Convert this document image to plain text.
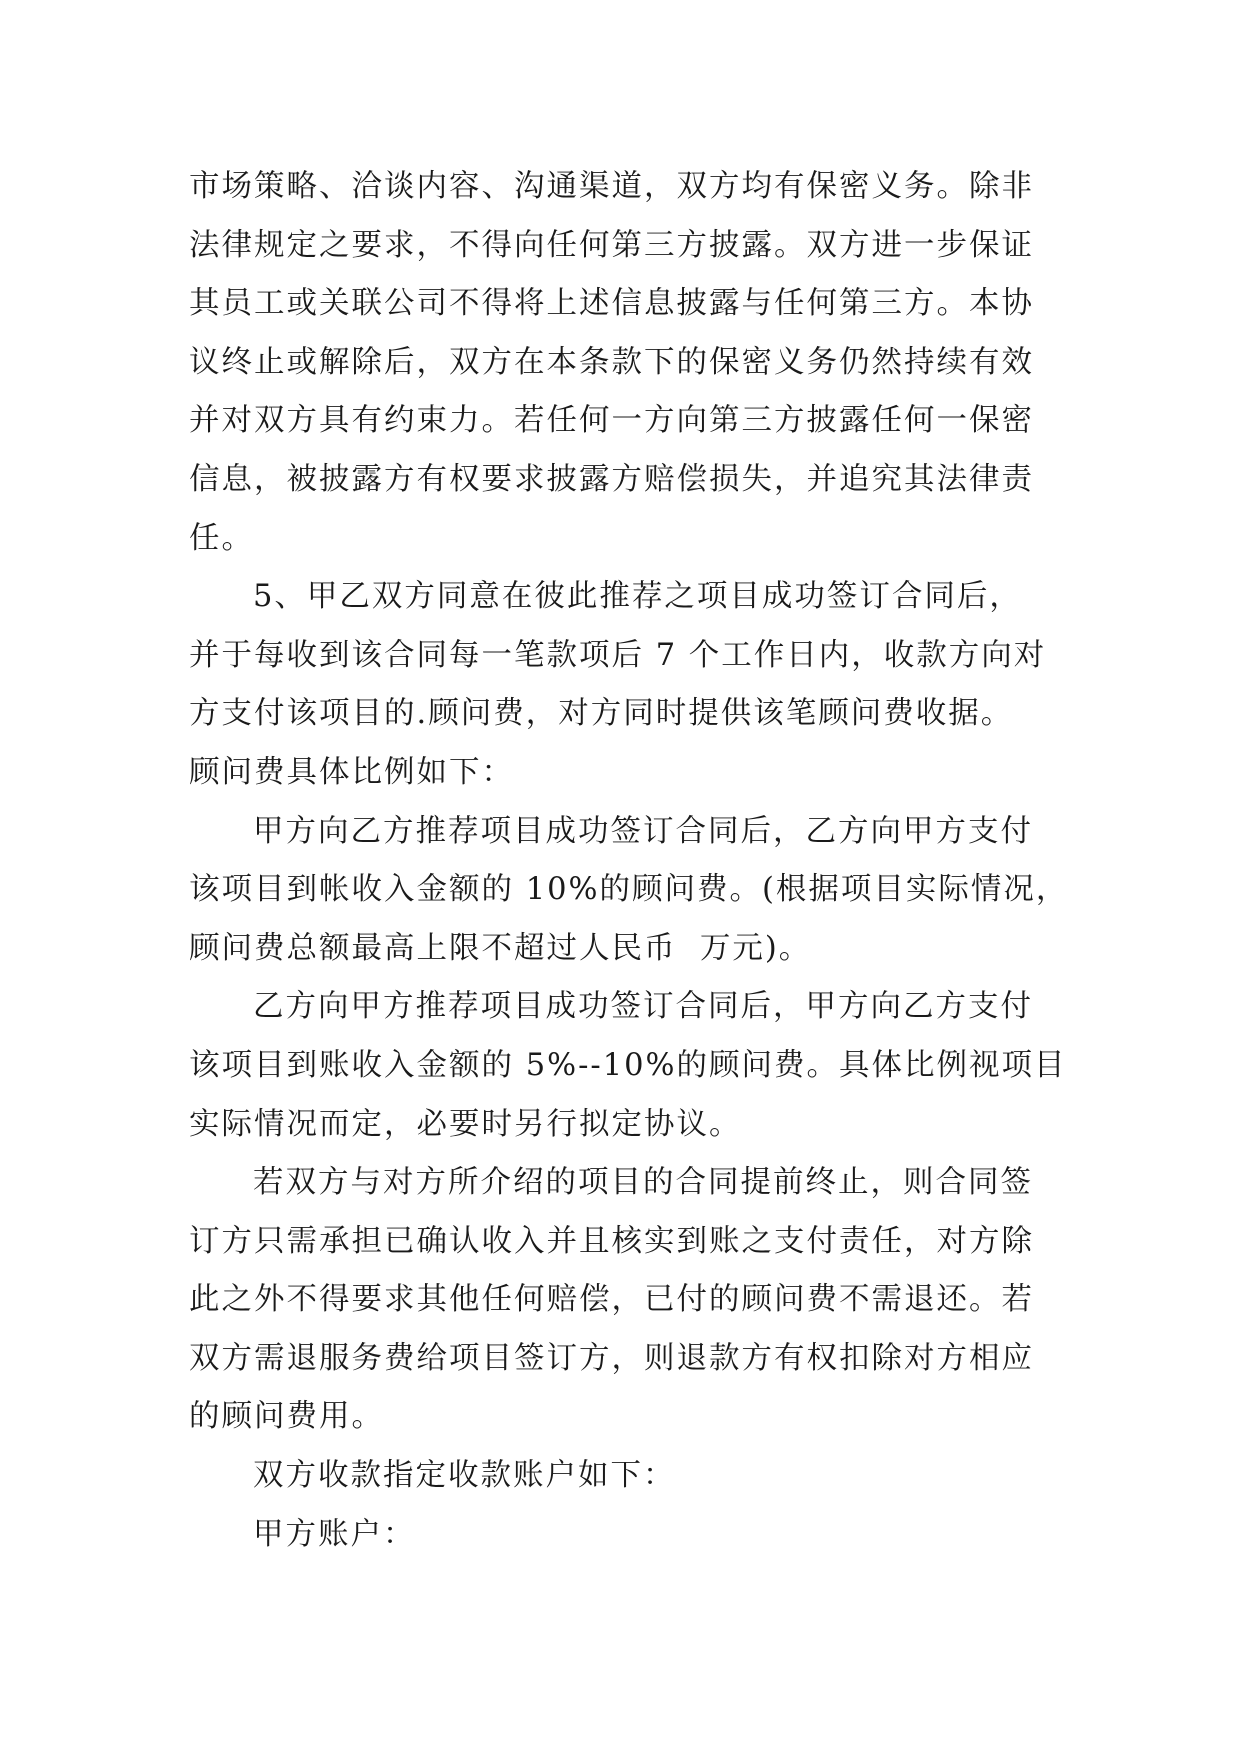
市场策略、洽谈内容、沟通渠道，双方均有保密义务。除非
法律规定之要求，不得向任何第三方披露。双方进一步保证
其员工或关联公司不得将上述信息披露与任何第三方。本协
议终止或解除后，双方在本条款下的保密义务仍然持续有效
并对双方具有约束力。若任何一方向第三方披露任何一保密
信息，被披露方有权要求披露方赔偿损失，并追究其法律责
任。
5、甲乙双方同意在彼此推荐之项目成功签订合同后，
并于每收到该合同每一笔款项后 7 个工作日内，收款方向对
方支付该项目的.顾问费，对方同时提供该笔顾问费收据。
顾问费具体比例如下：
甲方向乙方推荐项目成功签订合同后，乙方向甲方支付
该项目到帐收入金额的 10%的顾问费。(根据项目实际情况，
顾问费总额最高上限不超过人民币  万元)。
乙方向甲方推荐项目成功签订合同后，甲方向乙方支付
该项目到账收入金额的 5%--10%的顾问费。具体比例视项目
实际情况而定，必要时另行拟定协议。
若双方与对方所介绍的项目的合同提前终止，则合同签
订方只需承担已确认收入并且核实到账之支付责任，对方除
此之外不得要求其他任何赔偿，已付的顾问费不需退还。若
双方需退服务费给项目签订方，则退款方有权扣除对方相应
的顾问费用。
双方收款指定收款账户如下：
甲方账户：
